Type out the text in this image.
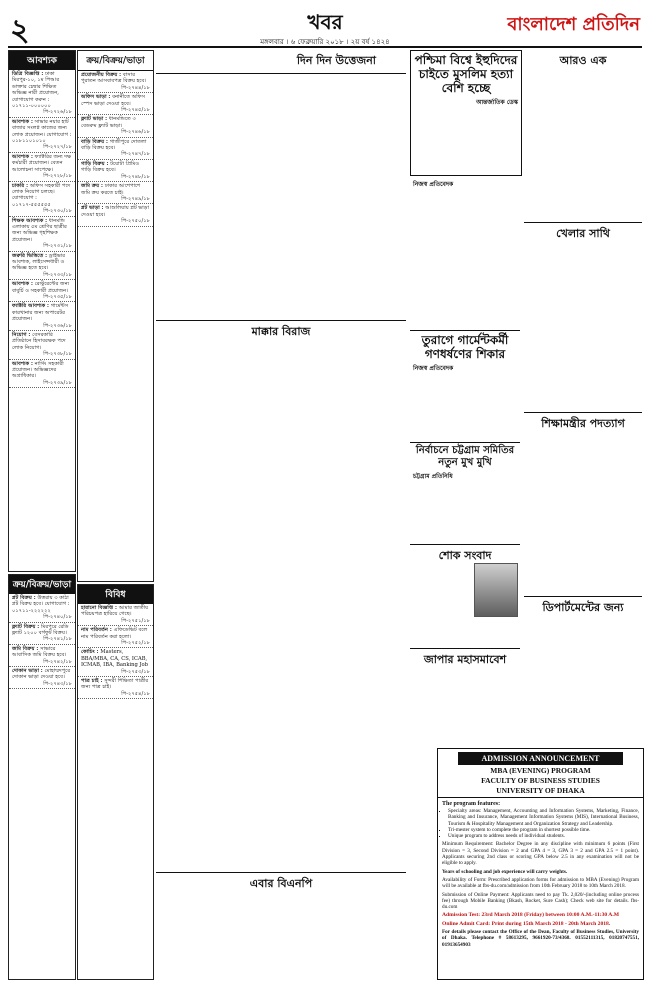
২	খবর
মঙ্গলবার । ৬ ফেব্রুয়ারি ২০১৮ । ২য় বর্ষ ১৪২৪
বাংলাদেশ প্রতিদিন
আবশ্যক
ডিগ্রি বিজ্ঞপ্তি : ঢাকা মিরপুর-১০, ১ম পিআর ডাক্তার চেম্বার শিক্ষিত অভিজ্ঞ নারী প্রয়োজন, যোগাযোগ করুন : ০১৭১১-০০০০০০
পি-২৭২৬/১৮
আবশ্যক : সাভার নয়ার হাট বাজার সংলগ্ন কাজের জন্য লোক প্রয়োজন। যোগাযোগ : ০১৮১১০১০১০
পি-২৭২৭/১৮
আবশ্যক : ফ্যাক্টরির জন্য দক্ষ কর্মচারী প্রয়োজন। বেতন আলোচনা সাপেক্ষে।
পি-২৭২৮/১৮
চাকরি : অফিস সহকারী পদে লোক নিয়োগ চলছে। যোগাযোগ : ০১৭১৭-৫৫৫৫৫৫
পি-২৭৩০/১৮
শিক্ষক আবশ্যক : ধানমন্ডি এলাকায় ৫ম শ্রেণির ছাত্রীর জন্য অভিজ্ঞ গৃহশিক্ষক প্রয়োজন।
পি-২৭৩১/১৮
জরুরি ভিত্তিতে : ড্রাইভার আবশ্যক, লাইসেন্সধারী ও অভিজ্ঞ হতে হবে।
পি-২৭৩৩/১৮
আবশ্যক : রেস্টুরেন্টের জন্য বাবুর্চি ও সহকারী প্রয়োজন।
পি-২৭৩৫/১৮
ফ্যাক্টরি আবশ্যক : গার্মেন্টস কারখানার জন্য অপারেটর প্রয়োজন।
পি-২৭৩৬/১৮
নিয়োগ : বেসরকারি প্রতিষ্ঠানে হিসাবরক্ষক পদে লোক নিয়োগ।
পি-২৭৩৮/১৮
আবশ্যক : নার্সিং সহকারী প্রয়োজন। অভিজ্ঞদের অগ্রাধিকার।
পি-২৭৩৯/১৮
ক্রয়/বিক্রয়/ভাড়া
প্লট বিক্রয় : উত্তরায় ৩ কাঠা প্লট বিক্রয় হবে। যোগাযোগ : ০১৭১১-২২২২২২
পি-২৭৪০/১৮
ফ্ল্যাট বিক্রয় : মিরপুরে রেডি ফ্ল্যাট ১২০০ বর্গফুট বিক্রয়।
পি-২৭৪১/১৮
জমি বিক্রয় : সাভারে আবাসিক জমি বিক্রয় হবে।
পি-২৭৪২/১৮
দোকান ভাড়া : মোহাম্মদপুরে দোকান ভাড়া দেওয়া হবে।
পি-২৭৪৩/১৮
ক্রয়/বিক্রয়/ভাড়া
প্রয়োজনীয় বিক্রয় : বাসার পুরাতন আসবাবপত্র বিক্রয় হবে।
পি-২৭৪৪/১৮
অফিস ভাড়া : বনানীতে অফিস স্পেস ভাড়া দেওয়া হবে।
পি-২৭৪৫/১৮
ফ্ল্যাট ভাড়া : ধানমন্ডিতে ৩ বেডরুম ফ্ল্যাট ভাড়া।
পি-২৭৪৬/১৮
বাড়ি বিক্রয় : গাজীপুরে দোতলা বাড়ি বিক্রয় হবে।
পি-২৭৪৭/১৮
গাড়ি বিক্রয় : টয়োটা প্রিমিও গাড়ি বিক্রয় হবে।
পি-২৭৪৮/১৮
জমি ক্রয় : ঢাকার আশেপাশে জমি ক্রয় করতে চাই।
পি-২৭৪৯/১৮
প্লট ভাড়া : আশুলিয়ায় প্লট ভাড়া দেওয়া হবে।
পি-২৭৫০/১৮
বিবিধ
হারানো বিজ্ঞপ্তি : আমার জাতীয় পরিচয়পত্র হারিয়ে গেছে।
পি-২৭৫১/১৮
নাম পরিবর্তন : এফিডেভিট বলে নাম পরিবর্তন করা হলো।
পি-২৭৫২/১৮
কোচিং : Masters, BBA/MBA, CA, CS, ICAB, ICMAB, IBA, Banking Job
পি-২৭৫৩/১৮
পাত্র চাই : সুন্দরী শিক্ষিতা পাত্রীর জন্য পাত্র চাই।
পি-২৭৫৪/১৮
দিন দিন উত্তেজনা
মাক্কার বিরাজ
এবার বিএনপি
পশ্চিমা বিশ্বে ইহুদিদের চাইতে মুসলিম হত্যা বেশি হচ্ছে
আন্তর্জাতিক ডেস্ক
নিজস্ব প্রতিবেদক
তুরাগে গার্মেন্টকর্মী গণধর্ষণের শিকার
নিজস্ব প্রতিবেদক
নির্বাচনে চট্টগ্রাম সমিতির নতুন মুখ মুখি
চট্টগ্রাম প্রতিনিধি
শোক সংবাদ
জাপার মহাসমাবেশ
আরও এক
খেলার সাথি
শিক্ষামন্ত্রীর পদত্যাগ
ডিপার্টমেন্টের জন্য
ADMISSION ANNOUNCEMENT
MBA (EVENING) PROGRAM
FACULTY OF BUSINESS STUDIES
UNIVERSITY OF DHAKA
The program features:
▪ Specialty areas: Management, Accounting and Information Systems, Marketing, Finance, Banking and Insurance, Management Information Systems (MIS), International Business, Tourism & Hospitality Management and Organization Strategy and Leadership.
▪ Tri-mester system to complete the program in shortest possible time.
▪ Unique program to address needs of individual students.

Minimum Requirement: Bachelor Degree in any discipline with minimum 6 points (First Division = 3, Second Division = 2 and GPA 4 = 3, GPA 3 = 2 and GPA 2.5 = 1 point). Applicants securing 2nd class or scoring GPA below 2.5 in any examination will not be eligible to apply.

Years of schooling and job experience will carry weights.

Availability of Form: Prescribed application forms for admission to MBA (Evening) Program will be available at fbs-du.com/admission from 10th February 2018 to 10th March 2018.

Submission of Online Payment: Applicants need to pay Tk. 2,020/-(including online process fee) through Mobile Banking (Bkash, Rocket, Sure Cash); Check web site for details. fbs-du.com

Admission Test: 23rd March 2018 (Friday) between 10:00 A.M.-11:30 A.M

Online Admit Card: Print during 15th March 2018 - 20th March 2018.

For details please contact the Office of the Dean, Faculty of Business Studies, University of Dhaka. Telephone # 58613295, 9661920-73/4368. 01552111315, 01820747551, 01913654903
